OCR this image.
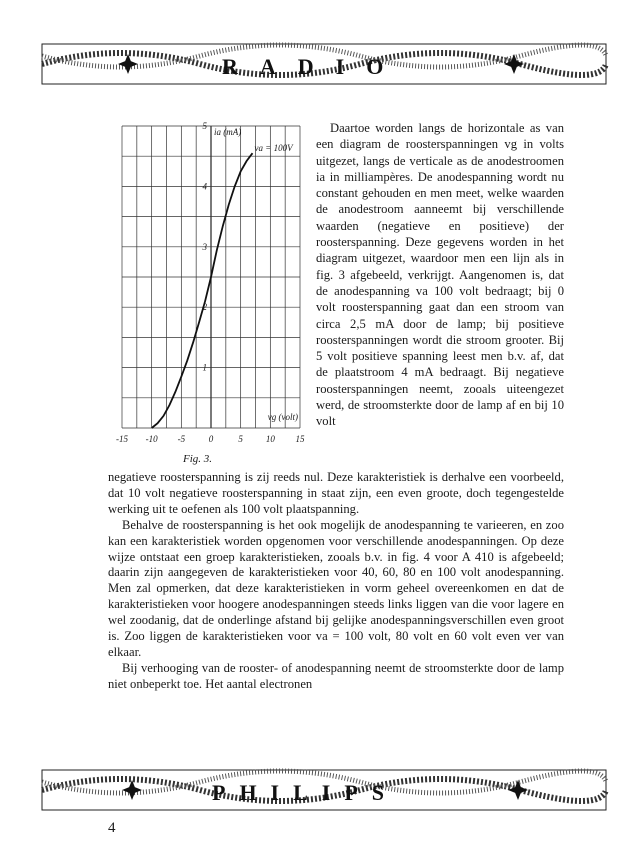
RADIO
-15 -10 -5	0	5	10 15
1
2
3
4
5
ia (mA)
vg (volt)
va = 100V
Fig. 3.
Daartoe worden langs de horizontale as van een diagram de roosterspanningen vg in volts uitgezet, langs de verticale as de anodestroomen ia in milliampères. De anodespanning wordt nu constant gehouden en men meet, welke waarden de anodestroom aanneemt bij verschillende waarden (negatieve en positieve) der roosterspanning. Deze gegevens worden in het diagram uitgezet, waardoor men een lijn als in fig. 3 afgebeeld, verkrijgt. Aangenomen is, dat de anodespanning va 100 volt bedraagt; bij 0 volt roosterspanning gaat dan een stroom van circa 2,5 mA door de lamp; bij positieve roosterspanningen wordt die stroom grooter. Bij 5 volt positieve spanning leest men b.v. af, dat de plaatstroom 4 mA bedraagt. Bij negatieve roosterspanningen neemt, zooals uiteengezet werd, de stroomsterkte door de lamp af en bij 10 volt

negatieve roosterspanning is zij reeds nul. Deze karakteristiek is derhalve een voorbeeld, dat 10 volt negatieve roosterspanning in staat zijn, een even groote, doch tegengestelde werking uit te oefenen als 100 volt plaatspanning.

Behalve de roosterspanning is het ook mogelijk de anodespanning te varieeren, en zoo kan een karakteristiek worden opgenomen voor verschillende anodespanningen. Op deze wijze ontstaat een groep karakteristieken, zooals b.v. in fig. 4 voor A 410 is afgebeeld; daarin zijn aangegeven de karakteristieken voor 40, 60, 80 en 100 volt anodespanning. Men zal opmerken, dat deze karakteristieken in vorm geheel overeenkomen en dat de karakteristieken voor hoogere anodespanningen steeds links liggen van die voor lagere en wel zoodanig, dat de onderlinge afstand bij gelijke anodespanningsverschillen even groot is. Zoo liggen de karakteristieken voor va = 100 volt, 80 volt en 60 volt even ver van elkaar.

Bij verhooging van de rooster- of anodespanning neemt de stroomsterkte door de lamp niet onbeperkt toe. Het aantal electronen

PHILIPS
4
